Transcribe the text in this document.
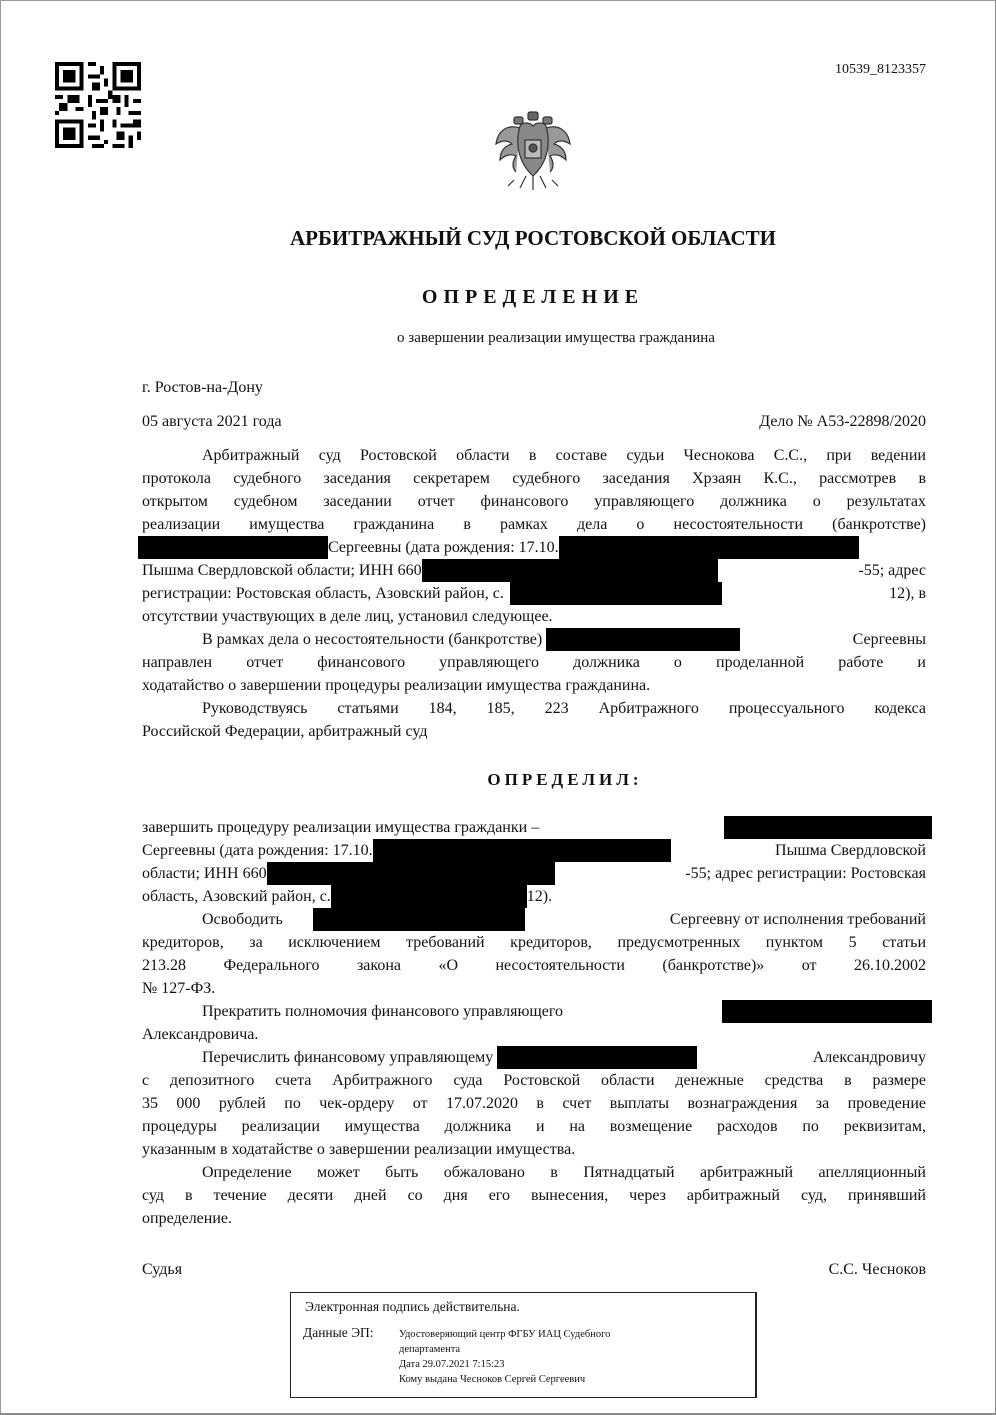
10539_8123357
АРБИТРАЖНЫЙ СУД РОСТОВСКОЙ ОБЛАСТИ
ОПРЕДЕЛЕНИЕ
о завершении реализации имущества гражданина
г. Ростов-на-Дону
05 августа 2021 года	Дело № А53-22898/2020
Арбитражный суд Ростовской области в составе судьи Чеснокова С.С., при ведении
протокола судебного заседания секретарем судебного заседания Хрзаян К.С., рассмотрев в
открытом судебном заседании отчет финансового управляющего должника о результатах
реализации имущества гражданина в рамках дела о несостоятельности (банкротстве)
Сергеевны (дата рождения: 17.10.
Пышма Свердловской области; ИНН 660	-55; адрес
регистрации: Ростовская область, Азовский район, с.	12), в
отсутствии участвующих в деле лиц, установил следующее.
В рамках дела о несостоятельности (банкротстве)	Сергеевны
направлен отчет финансового управляющего должника о проделанной работе и
ходатайство о завершении процедуры реализации имущества гражданина.
Руководствуясь статьями 184, 185, 223 Арбитражного процессуального кодекса
Российской Федерации, арбитражный суд
ОПРЕДЕЛИЛ:
завершить процедуру реализации имущества гражданки –
Сергеевны (дата рождения: 17.10.	Пышма Свердловской
области; ИНН 660	-55; адрес регистрации: Ростовская
область, Азовский район, с.	12).
Освободить	Сергеевну от исполнения требований
кредиторов, за исключением требований кредиторов, предусмотренных пунктом 5 статьи
213.28 Федерального закона «О несостоятельности (банкротстве)» от 26.10.2002
№ 127-ФЗ.
Прекратить полномочия финансового управляющего
Александровича.
Перечислить финансовому управляющему	Александровичу
с депозитного счета Арбитражного суда Ростовской области денежные средства в размере
35 000 рублей по чек-ордеру от 17.07.2020 в счет выплаты вознаграждения за проведение
процедуры реализации имущества должника и на возмещение расходов по реквизитам,
указанным в ходатайстве о завершении реализации имущества.
Определение может быть обжаловано в Пятнадцатый арбитражный апелляционный
суд в течение десяти дней со дня его вынесения, через арбитражный суд, принявший
определение.
Судья	С.С. Чесноков
Электронная подпись действительна.
Данные ЭП: Удостоверяющий центр ФГБУ ИАЦ Судебного
департамента
Дата 29.07.2021 7:15:23
Кому выдана Чесноков Сергей Сергеевич
